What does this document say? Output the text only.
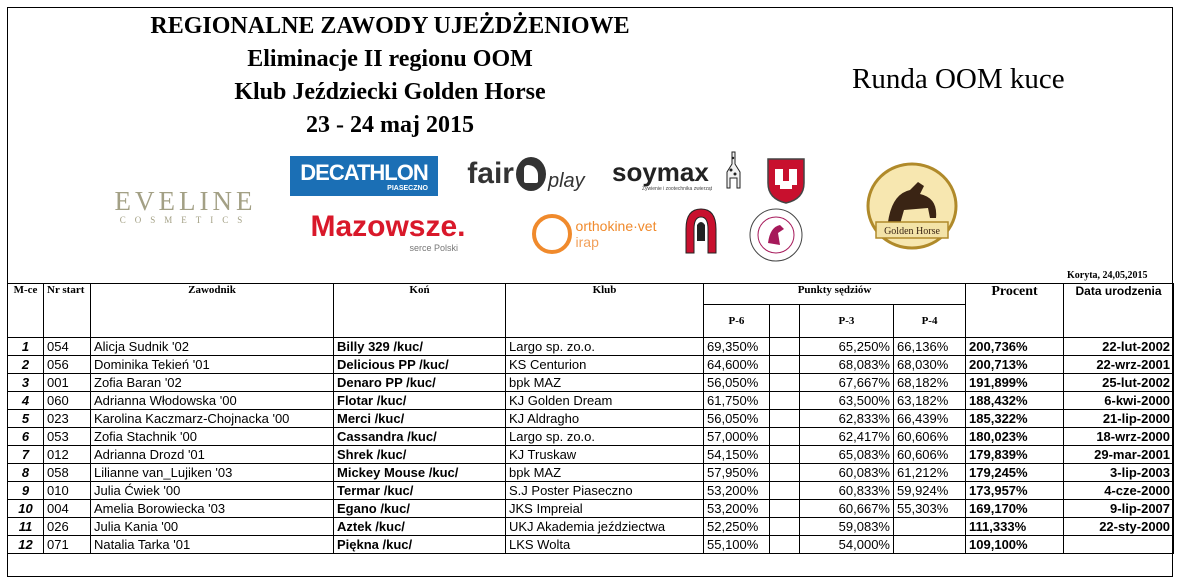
REGIONALNE ZAWODY UJEŻDŻENIOWE
Eliminacje II regionu OOM
Klub Jeździecki Golden Horse
23 - 24 maj 2015
Runda OOM kuce
EVELINE
COSMETICS
DECATHLON
PIASECZNO
Mazowsze.
serce Polski
fair play soymax
Żywienie i zootechnika zwierząt
orthokine·vet
irap
Golden Horse
Koryta, 24,05,2015
M-ce	Nr start	Zawodnik	Koń	Klub	Punkty sędziów				Procent	Data urodzenia
					P-6		P-3	P-4		
1	054	Alicja Sudnik '02	Billy 329 /kuc/	Largo sp. zo.o.	69,350%		65,250%	66,136%	200,736%	22-lut-2002
2	056	Dominika Tekień '01	Delicious PP /kuc/	KS Centurion	64,600%		68,083%	68,030%	200,713%	22-wrz-2001
3	001	Zofia Baran '02	Denaro PP /kuc/	bpk MAZ	56,050%		67,667%	68,182%	191,899%	25-lut-2002
4	060	Adrianna Włodowska '00	Flotar /kuc/	KJ Golden Dream	61,750%		63,500%	63,182%	188,432%	6-kwi-2000
5	023	Karolina Kaczmarz-Chojnacka '00	Merci /kuc/	KJ Aldragho	56,050%		62,833%	66,439%	185,322%	21-lip-2000
6	053	Zofia Stachnik '00	Cassandra /kuc/	Largo sp. zo.o.	57,000%		62,417%	60,606%	180,023%	18-wrz-2000
7	012	Adrianna Drozd '01	Shrek /kuc/	KJ Truskaw	54,150%		65,083%	60,606%	179,839%	29-mar-2001
8	058	Lilianne van_Lujiken '03	Mickey Mouse /kuc/	bpk MAZ	57,950%		60,083%	61,212%	179,245%	3-lip-2003
9	010	Julia Ćwiek '00	Termar /kuc/	S.J Poster Piaseczno	53,200%		60,833%	59,924%	173,957%	4-cze-2000
10	004	Amelia Borowiecka '03	Egano /kuc/	JKS Impreial	53,200%		60,667%	55,303%	169,170%	9-lip-2007
11	026	Julia Kania '00	Aztek /kuc/	UKJ Akademia jeździectwa	52,250%		59,083%		111,333%	22-sty-2000
12	071	Natalia Tarka '01	Piękna /kuc/	LKS Wolta	55,100%		54,000%		109,100%	
